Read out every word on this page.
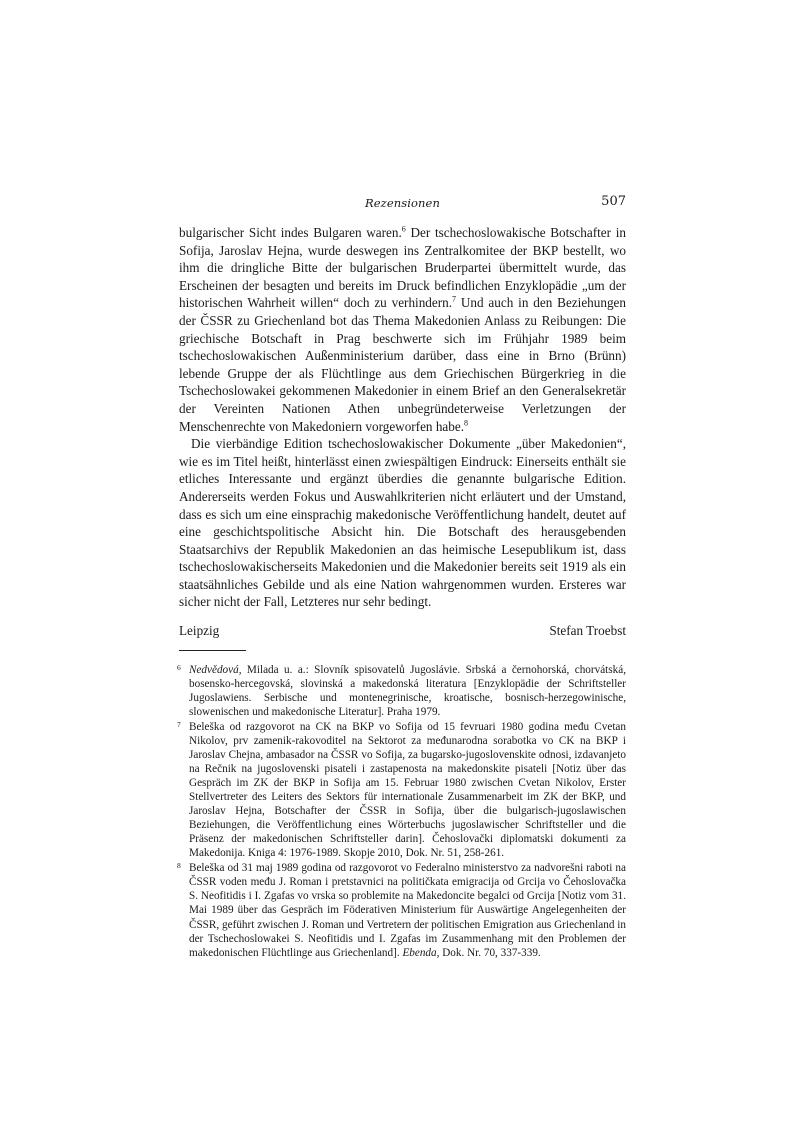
Rezensionen	507

bulgarischer Sicht indes Bulgaren waren.$^6$ Der tschechoslowakische Botschafter in Sofija, Jaroslav Hejna, wurde deswegen ins Zentralkomitee der BKP bestellt, wo ihm die dringliche Bitte der bulgarischen Bruderpartei übermittelt wurde, das Erscheinen der besagten und bereits im Druck befindlichen Enzyklopädie „um der historischen Wahrheit willen“ doch zu verhindern.$^7$ Und auch in den Beziehungen der ČSSR zu Griechenland bot das Thema Makedonien Anlass zu Reibungen: Die griechische Botschaft in Prag beschwerte sich im Frühjahr 1989 beim tschechoslowakischen Außenministerium darüber, dass eine in Brno (Brünn) lebende Gruppe der als Flüchtlinge aus dem Griechischen Bürgerkrieg in die Tschechoslowakei gekommenen Makedonier in einem Brief an den Generalsekretär der Vereinten Nationen Athen unbegründeterweise Verletzungen der Menschenrechte von Makedoniern vorgeworfen habe.$^8$

Die vierbändige Edition tschechoslowakischer Dokumente „über Makedonien“, wie es im Titel heißt, hinterlässt einen zwiespältigen Eindruck: Einerseits enthält sie etliches Interessante und ergänzt überdies die genannte bulgarische Edition. Andererseits werden Fokus und Auswahlkriterien nicht erläutert und der Umstand, dass es sich um eine einsprachig makedonische Veröffentlichung handelt, deutet auf eine geschichtspolitische Absicht hin. Die Botschaft des herausgebenden Staatsarchivs der Republik Makedonien an das heimische Lesepublikum ist, dass tschechoslowakischerseits Makedonien und die Makedonier bereits seit 1919 als ein staatsähnliches Gebilde und als eine Nation wahrgenommen wurden. Ersteres war sicher nicht der Fall, Letzteres nur sehr bedingt.

Leipzig	Stefan Troebst
6 Nedvědová, Milada u. a.: Slovník spisovatelů Jugoslávie. Srbská a černohorská, chorvátská, bosensko-hercegovská, slovinská a makedonská literatura [Enzyklopädie der Schriftsteller Jugoslawiens. Serbische und montenegrinische, kroatische, bosnisch-herzegowinische, slowenischen und makedonische Literatur]. Praha 1979.

7 Beleška od razgovorot na CK na BKP vo Sofija od 15 fevruari 1980 godina među Cvetan Nikolov, prv zamenik-rakovoditel na Sektorot za međunarodna sorabotka vo CK na BKP i Jaroslav Chejna, ambasador na ČSSR vo Sofija, za bugarsko-jugoslovenskite odnosi, izdavanjeto na Rečnik na jugoslovenski pisateli i zastapenosta na makedonskite pisateli [Notiz über das Gespräch im ZK der BKP in Sofija am 15. Februar 1980 zwischen Cvetan Nikolov, Erster Stellvertreter des Leiters des Sektors für internationale Zusammenarbeit im ZK der BKP, und Jaroslav Hejna, Botschafter der ČSSR in Sofija, über die bulgarisch-jugoslawischen Beziehungen, die Veröffentlichung eines Wörterbuchs jugoslawischer Schriftsteller und die Präsenz der makedonischen Schriftsteller darin]. Čehoslovački diplomatski dokumenti za Makedonija. Kniga 4: 1976-1989. Skopje 2010, Dok. Nr. 51, 258-261.

8 Beleška od 31 maj 1989 godina od razgovorot vo Federalno ministerstvo za nadvorešni raboti na ČSSR voden među J. Roman i pretstavnici na političkata emigracija od Grcija vo Čehoslovačka S. Neofitidis i I. Zgafas vo vrska so problemite na Makedoncite begalci od Grcija [Notiz vom 31. Mai 1989 über das Gespräch im Föderativen Ministerium für Auswärtige Angelegenheiten der ČSSR, geführt zwischen J. Roman und Vertretern der politischen Emigration aus Griechenland in der Tschechoslowakei S. Neofitidis und I. Zgafas im Zusammenhang mit den Problemen der makedonischen Flüchtlinge aus Griechenland]. Ebenda, Dok. Nr. 70, 337-339.
